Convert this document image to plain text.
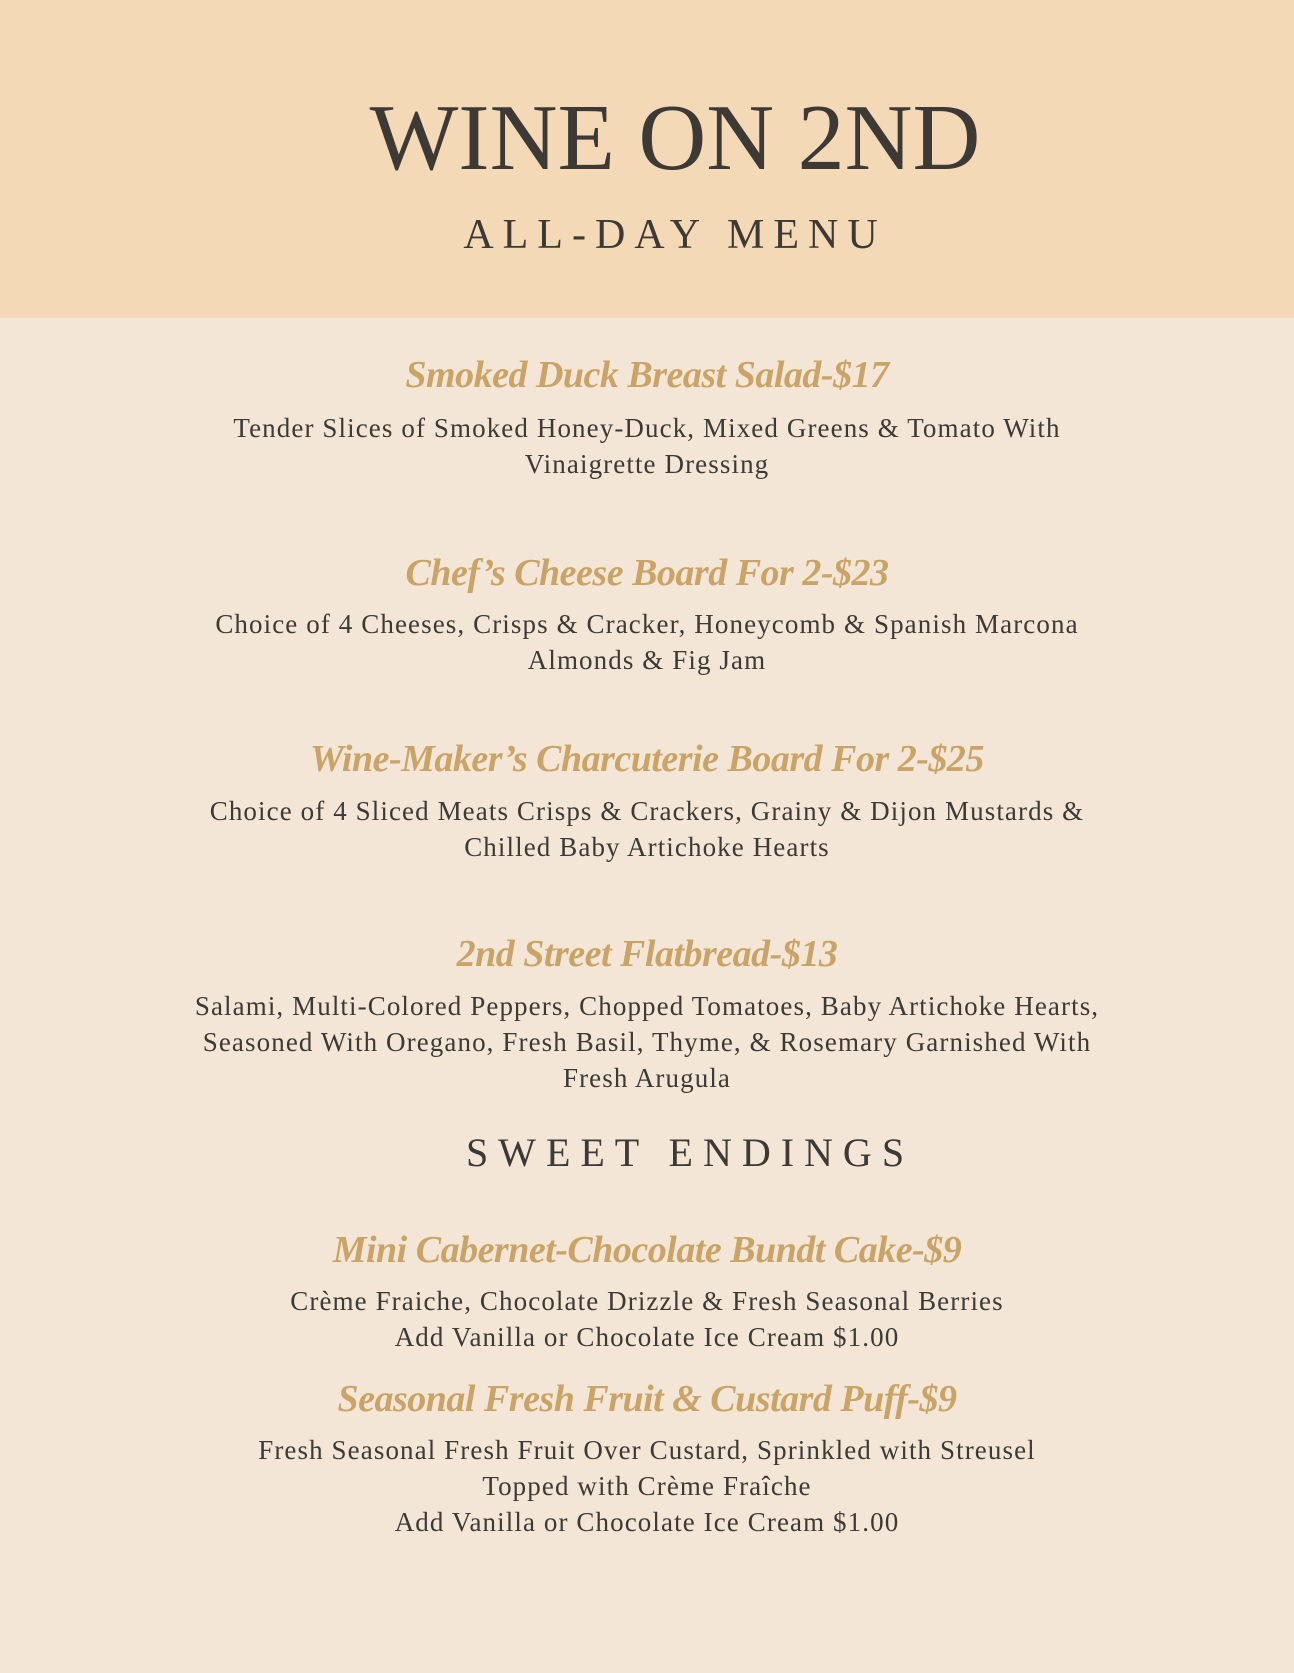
WINE ON 2ND
ALL-DAY MENU
Smoked Duck Breast Salad-$17
Tender Slices of Smoked Honey-Duck, Mixed Greens & Tomato With
Vinaigrette Dressing
Chef’s Cheese Board For 2-$23
Choice of 4 Cheeses, Crisps & Cracker, Honeycomb & Spanish Marcona
Almonds & Fig Jam
Wine-Maker’s Charcuterie Board For 2-$25
Choice of 4 Sliced Meats Crisps & Crackers, Grainy & Dijon Mustards &
Chilled Baby Artichoke Hearts
2nd Street Flatbread-$13
Salami, Multi-Colored Peppers, Chopped Tomatoes, Baby Artichoke Hearts,
Seasoned With Oregano, Fresh Basil, Thyme, & Rosemary Garnished With
Fresh Arugula
SWEET ENDINGS
Mini Cabernet-Chocolate Bundt Cake-$9
Crème Fraiche, Chocolate Drizzle & Fresh Seasonal Berries
Add Vanilla or Chocolate Ice Cream $1.00
Seasonal Fresh Fruit & Custard Puff-$9
Fresh Seasonal Fresh Fruit Over Custard, Sprinkled with Streusel
Topped with Crème Fraîche
Add Vanilla or Chocolate Ice Cream $1.00
